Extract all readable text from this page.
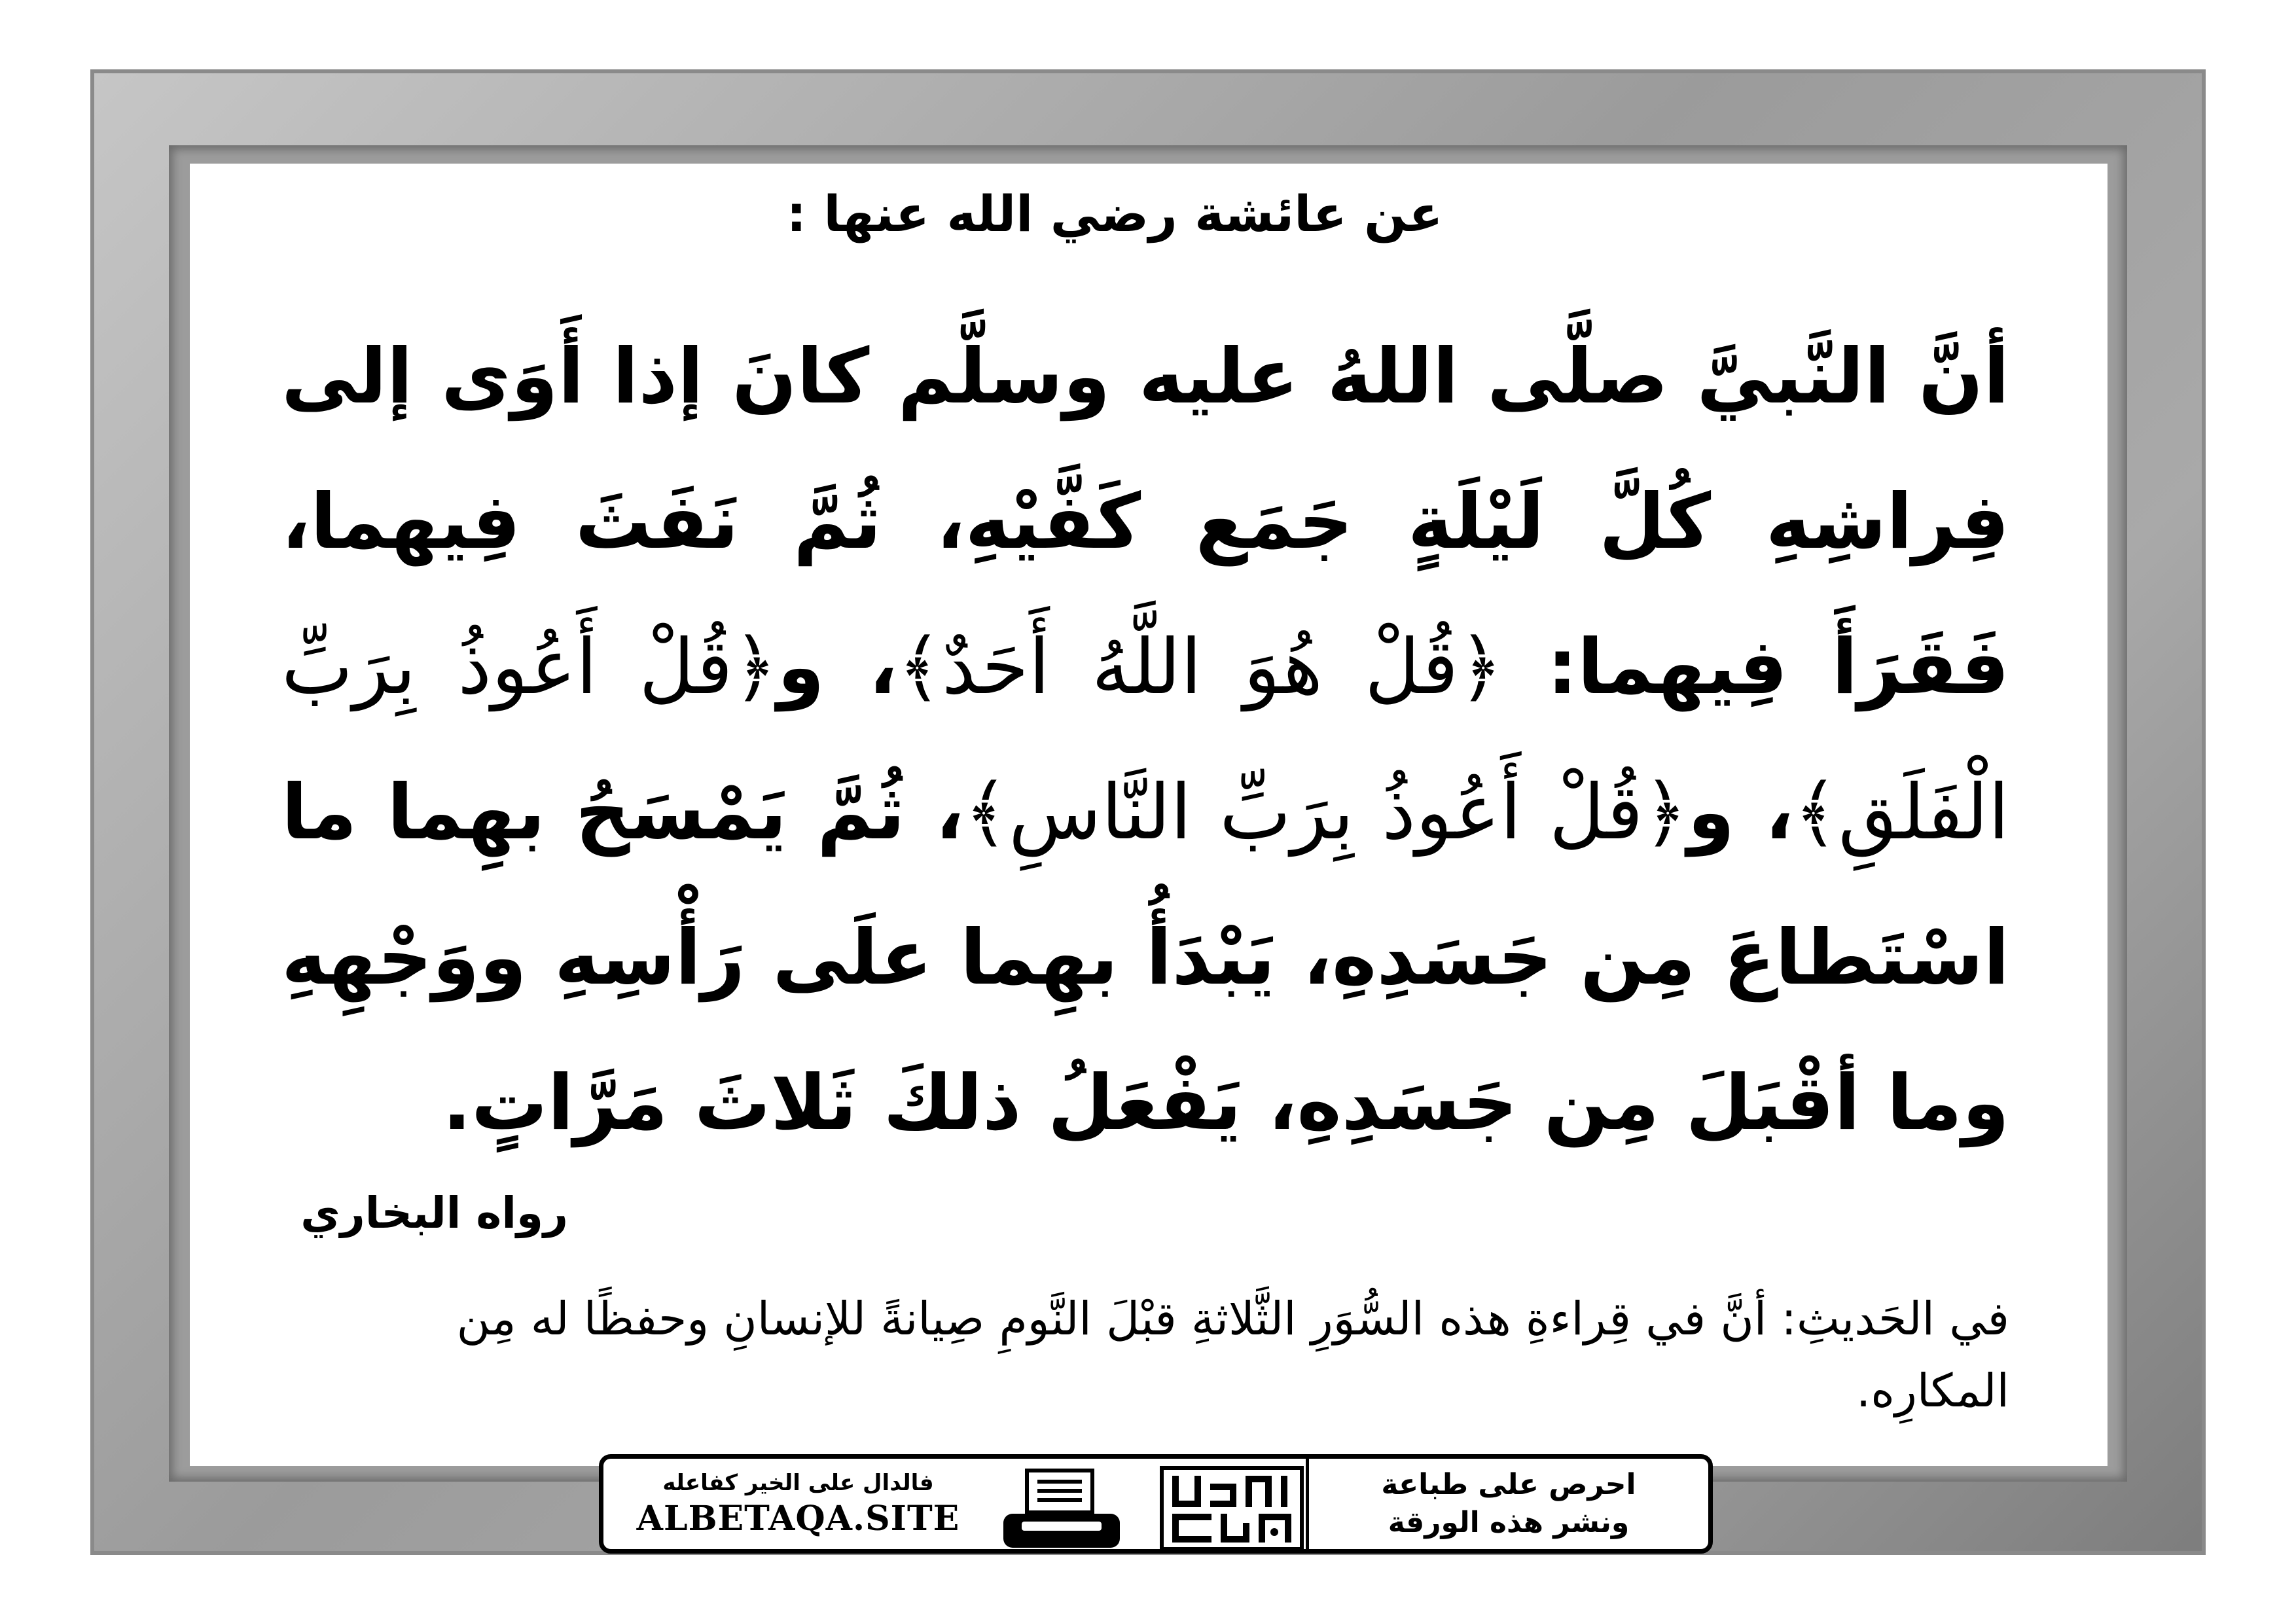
عن عائشة رضي الله عنها :
أنَّ النَّبيَّ صلَّى اللهُ عليه وسلَّم كانَ إذا أَوَى إلى فِراشِهِ كُلَّ لَيْلَةٍ جَمَع كَفَّيْهِ، ثُمَّ نَفَثَ فِيهما، فَقَرَأَ فِيهما: ﴿قُلْ هُوَ اللَّهُ أَحَدٌ﴾، و﴿قُلْ أَعُوذُ بِرَبِّ الْفَلَقِ﴾، و﴿قُلْ أَعُوذُ بِرَبِّ النَّاسِ﴾، ثُمَّ يَمْسَحُ بهِما ما اسْتَطاعَ مِن جَسَدِهِ، يَبْدَأُ بهِما علَى رَأْسِهِ ووَجْهِهِ وما أقْبَلَ مِن جَسَدِهِ، يَفْعَلُ ذلكَ ثَلاثَ مَرَّاتٍ.
رواه البخاري
في الحَديثِ: أنَّ في قِراءةِ هذه السُّوَرِ الثَّلاثةِ قبْلَ النَّومِ صِيانةً للإنسانِ وحفظًا له مِن المكارِه.
احرص على طباعة
ونشر هذه الورقة
فالدال على الخير كفاعله
ALBETAQA.SITE
